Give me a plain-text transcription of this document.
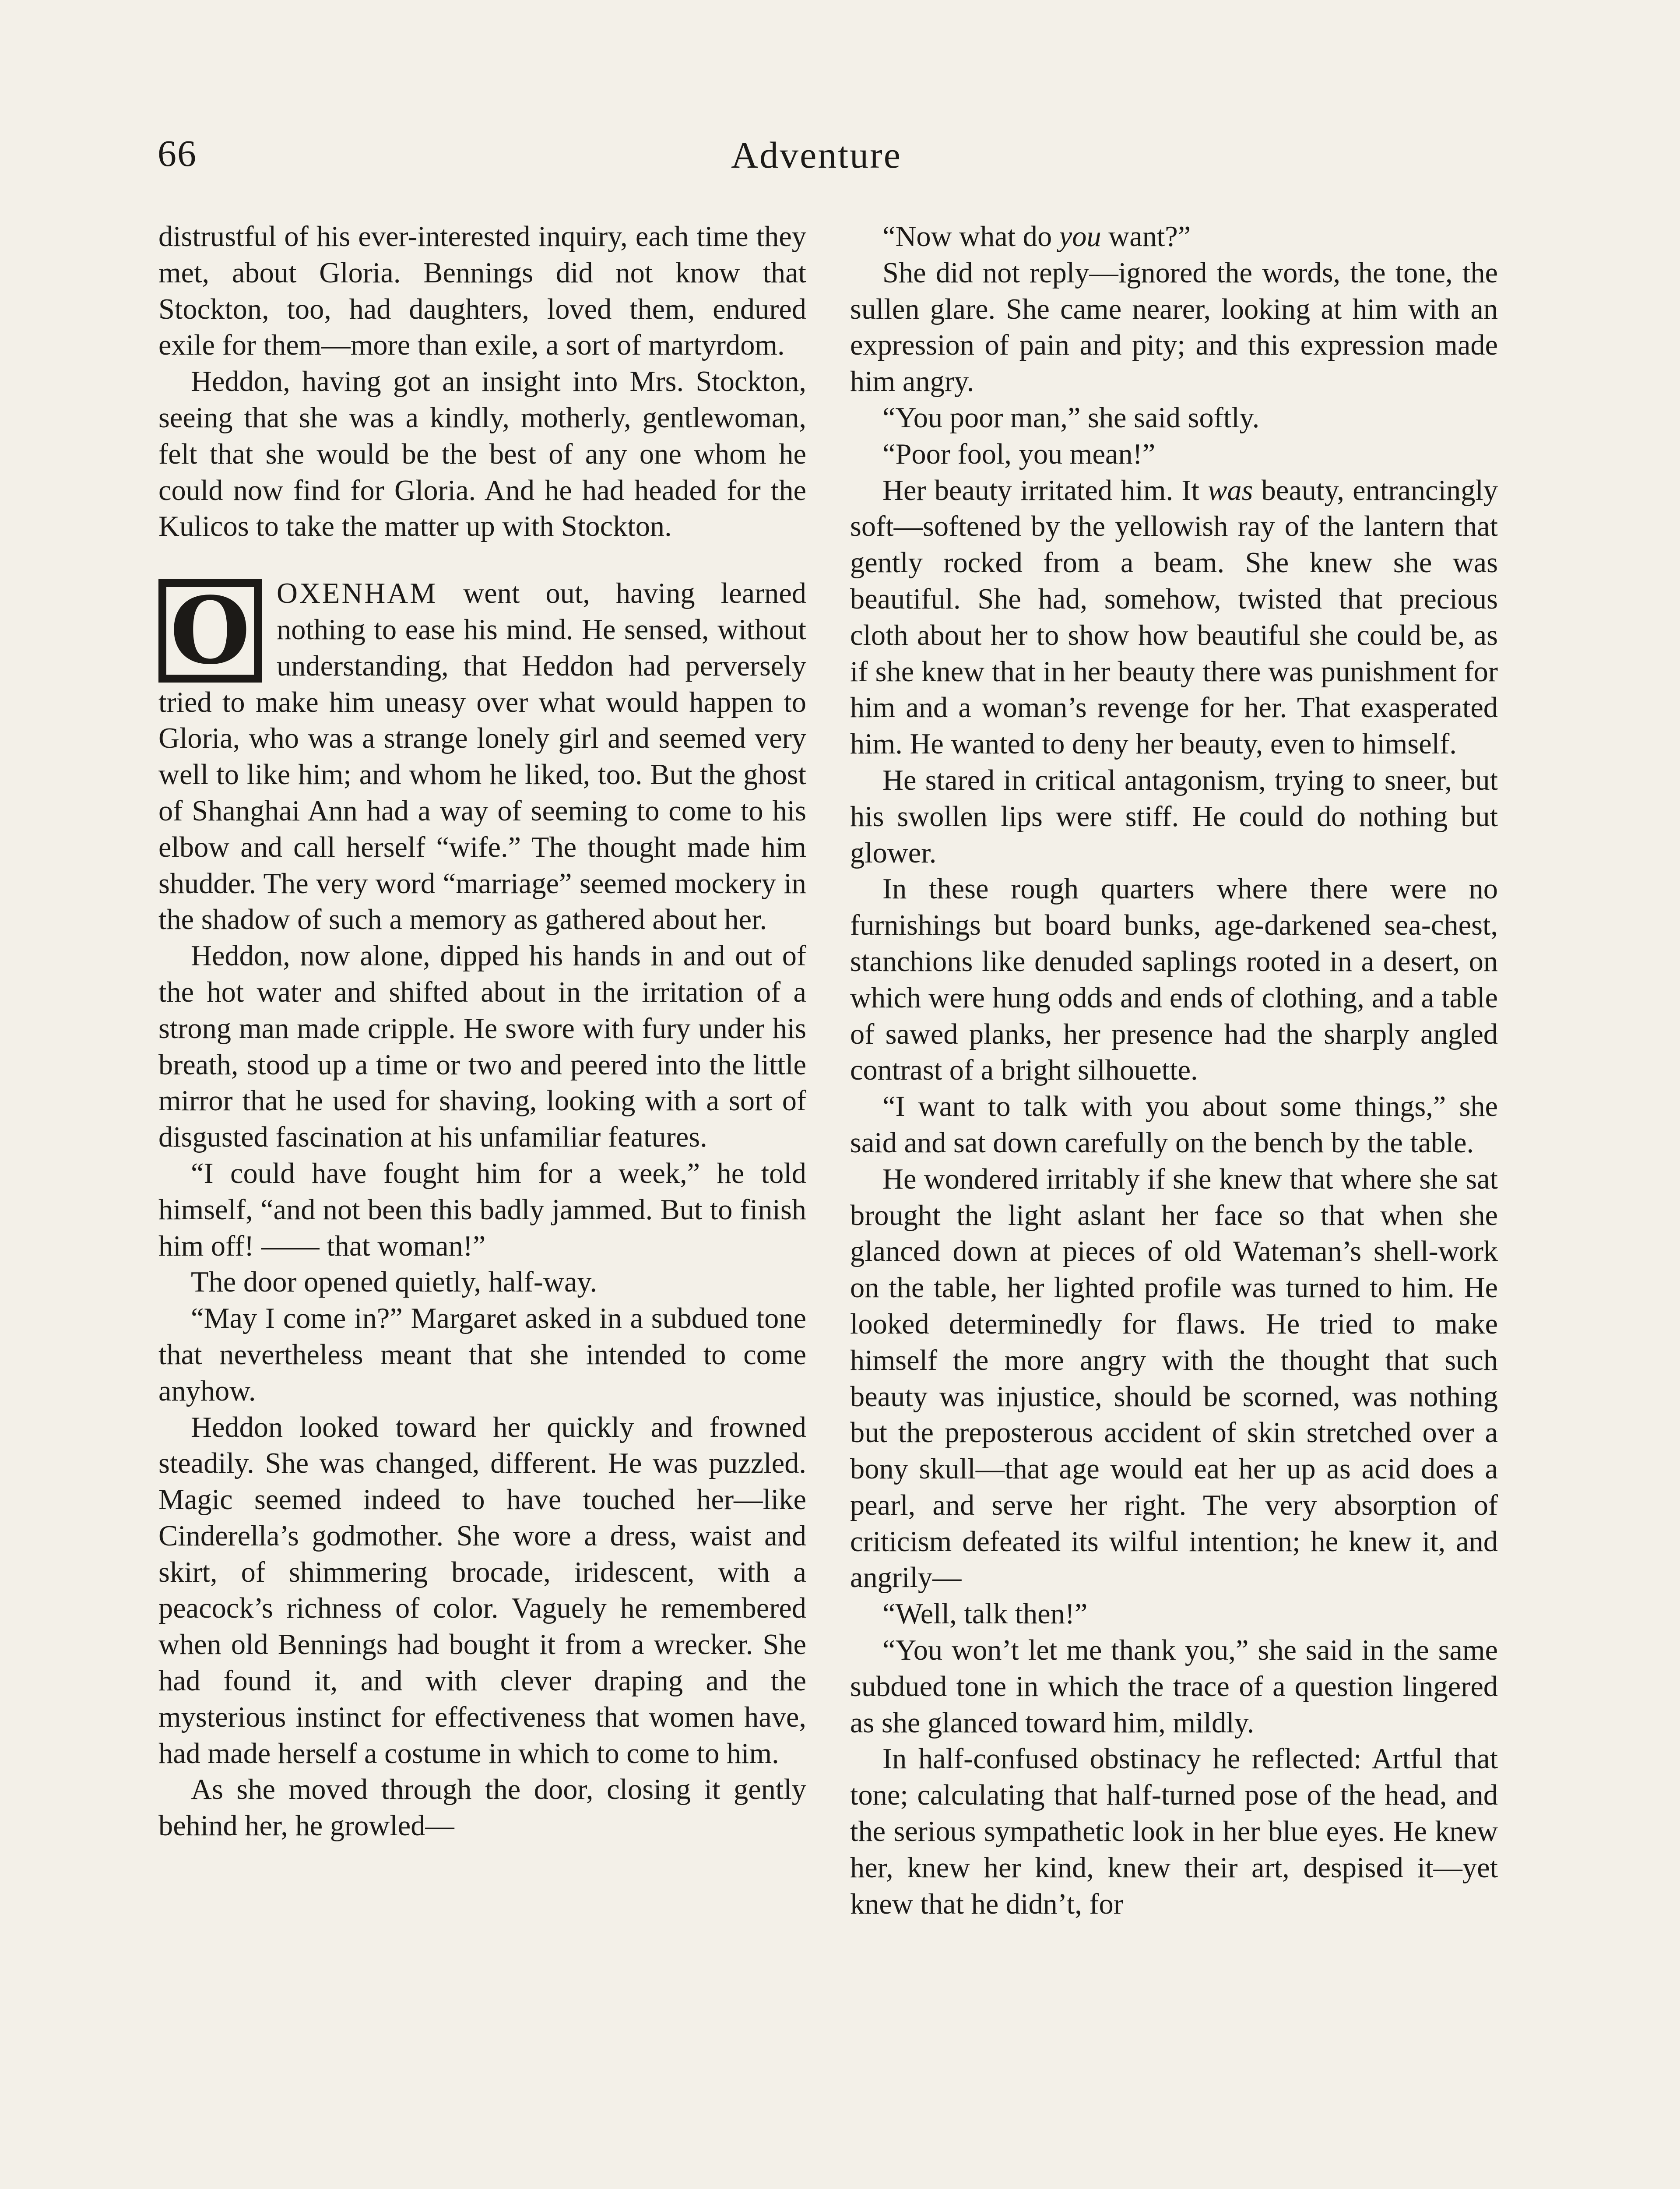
66	Adventure

distrustful of his ever-interested inquiry, each time they met, about Gloria. Bennings did not know that Stockton, too, had daughters, loved them, endured exile for them—more than exile, a sort of martyrdom.

Heddon, having got an insight into Mrs. Stockton, seeing that she was a kindly, motherly, gentlewoman, felt that she would be the best of any one whom he could now find for Gloria. And he had headed for the Kulicos to take the matter up with Stockton.

O OXENHAM went out, having learned nothing to ease his mind. He sensed, without understanding, that Heddon had perversely tried to make him uneasy over what would happen to Gloria, who was a strange lonely girl and seemed very well to like him; and whom he liked, too. But the ghost of Shanghai Ann had a way of seeming to come to his elbow and call herself “wife.” The thought made him shudder. The very word “marriage” seemed mockery in the shadow of such a memory as gathered about her.

Heddon, now alone, dipped his hands in and out of the hot water and shifted about in the irritation of a strong man made cripple. He swore with fury under his breath, stood up a time or two and peered into the little mirror that he used for shaving, looking with a sort of disgusted fascination at his unfamiliar features.

“I could have fought him for a week,” he told himself, “and not been this badly jammed. But to finish him off! —— that woman!”

The door opened quietly, half-way.

“May I come in?” Margaret asked in a subdued tone that nevertheless meant that she intended to come anyhow.

Heddon looked toward her quickly and frowned steadily. She was changed, different. He was puzzled. Magic seemed indeed to have touched her—like Cinderella’s godmother. She wore a dress, waist and skirt, of shimmering brocade, iridescent, with a peacock’s richness of color. Vaguely he remembered when old Bennings had bought it from a wrecker. She had found it, and with clever draping and the mysterious instinct for effectiveness that women have, had made herself a costume in which to come to him.

As she moved through the door, closing it gently behind her, he growled—

“Now what do you want?”

She did not reply—ignored the words, the tone, the sullen glare. She came nearer, looking at him with an expression of pain and pity; and this expression made him angry.

“You poor man,” she said softly.

“Poor fool, you mean!”

Her beauty irritated him. It was beauty, entrancingly soft—softened by the yellowish ray of the lantern that gently rocked from a beam. She knew she was beautiful. She had, somehow, twisted that precious cloth about her to show how beautiful she could be, as if she knew that in her beauty there was punishment for him and a woman’s revenge for her. That exasperated him. He wanted to deny her beauty, even to himself.

He stared in critical antagonism, trying to sneer, but his swollen lips were stiff. He could do nothing but glower.

In these rough quarters where there were no furnishings but board bunks, age-darkened sea-chest, stanchions like denuded saplings rooted in a desert, on which were hung odds and ends of clothing, and a table of sawed planks, her presence had the sharply angled contrast of a bright silhouette.

“I want to talk with you about some things,” she said and sat down carefully on the bench by the table.

He wondered irritably if she knew that where she sat brought the light aslant her face so that when she glanced down at pieces of old Wateman’s shell-work on the table, her lighted profile was turned to him. He looked determinedly for flaws. He tried to make himself the more angry with the thought that such beauty was injustice, should be scorned, was nothing but the preposterous accident of skin stretched over a bony skull—that age would eat her up as acid does a pearl, and serve her right. The very absorption of criticism defeated its wilful intention; he knew it, and angrily—

“Well, talk then!”

“You won’t let me thank you,” she said in the same subdued tone in which the trace of a question lingered as she glanced toward him, mildly.

In half-confused obstinacy he reflected: Artful that tone; calculating that half-turned pose of the head, and the serious sympathetic look in her blue eyes. He knew her, knew her kind, knew their art, despised it—yet knew that he didn’t, for
